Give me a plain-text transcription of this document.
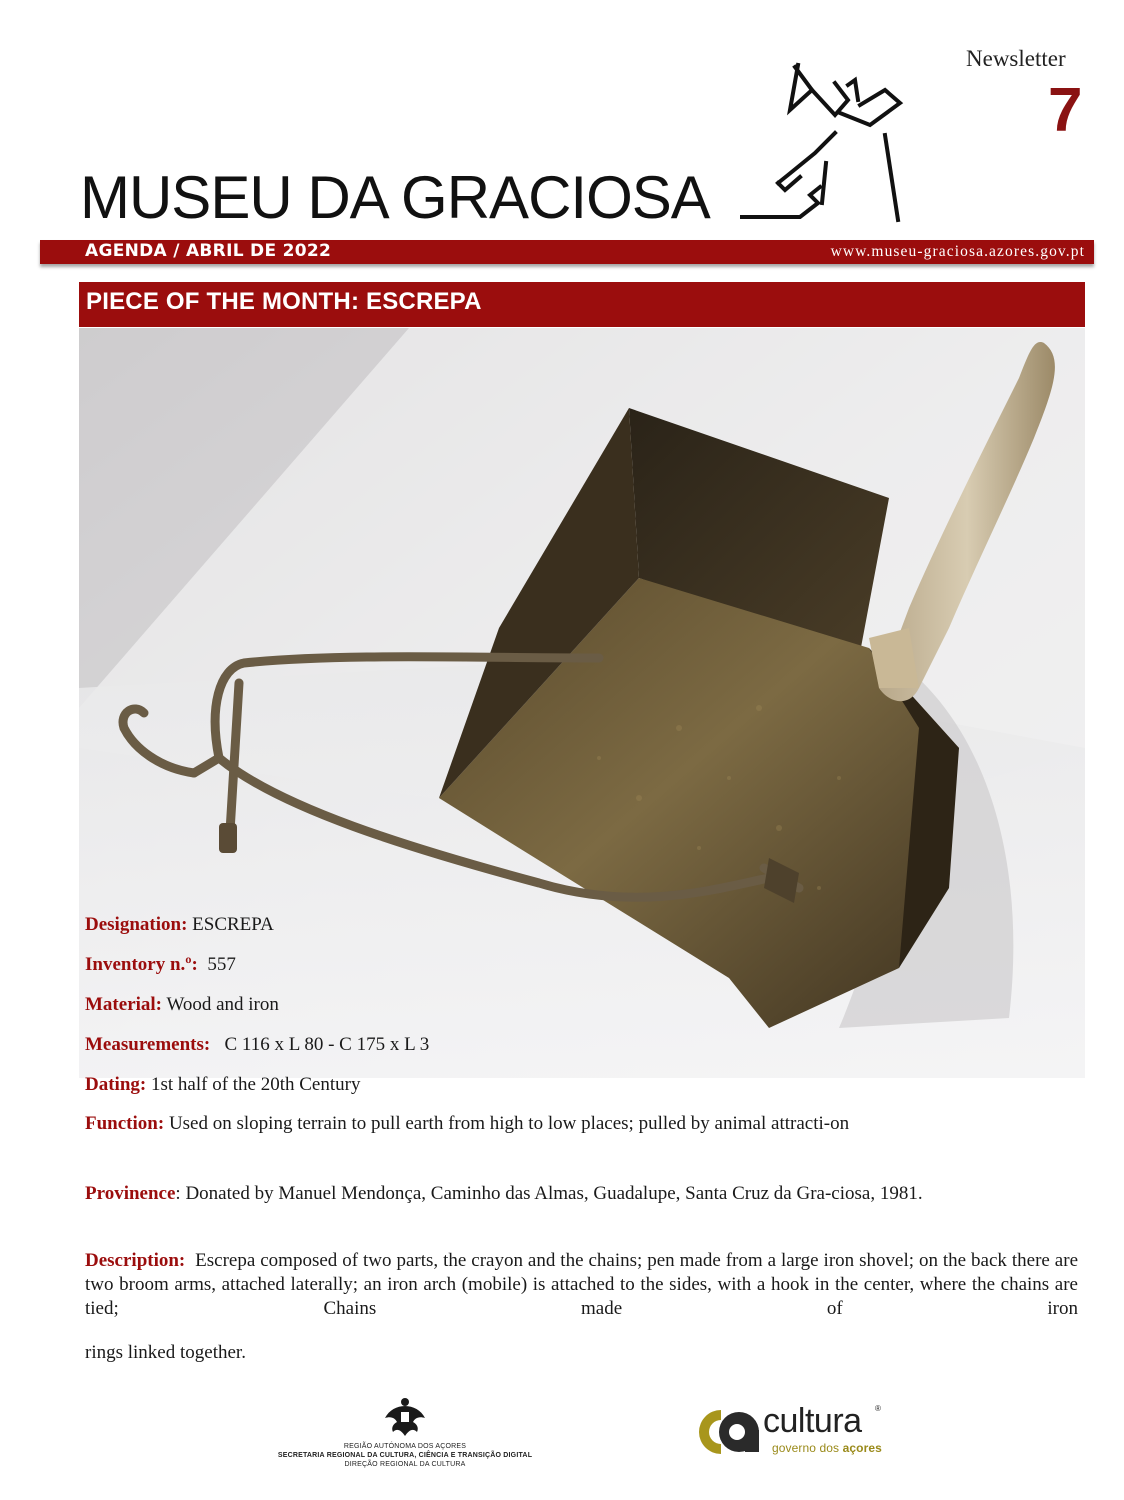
Newsletter
7
MUSEU DA GRACIOSA
AGENDA / ABRIL DE 2022	www.museu-graciosa.azores.gov.pt
PIECE OF THE MONTH: ESCREPA
Designation: ESCREPA
Inventory n.º: 557
Material: Wood and iron
Measurements: C 116 x L 80 - C 175 x L 3
Dating: 1st half of the 20th Century
Function: Used on sloping terrain to pull earth from high to low places; pulled by animal attracti-on
Provinence: Donated by Manuel Mendonça, Caminho das Almas, Guadalupe, Santa Cruz da Gra-ciosa, 1981.
Description: Escrepa composed of two parts, the crayon and the chains; pen made from a large iron shovel; on the back there are two broom arms, attached laterally; an iron arch (mobile) is attached to the sides, with a hook in the center, where the chains are tied; Chains made of iron
rings linked together.
REGIÃO AUTÓNOMA DOS AÇORES
SECRETARIA REGIONAL DA CULTURA, CIÊNCIA E TRANSIÇÃO DIGITAL
DIREÇÃO REGIONAL DA CULTURA
cultura ®
governo dos açores
